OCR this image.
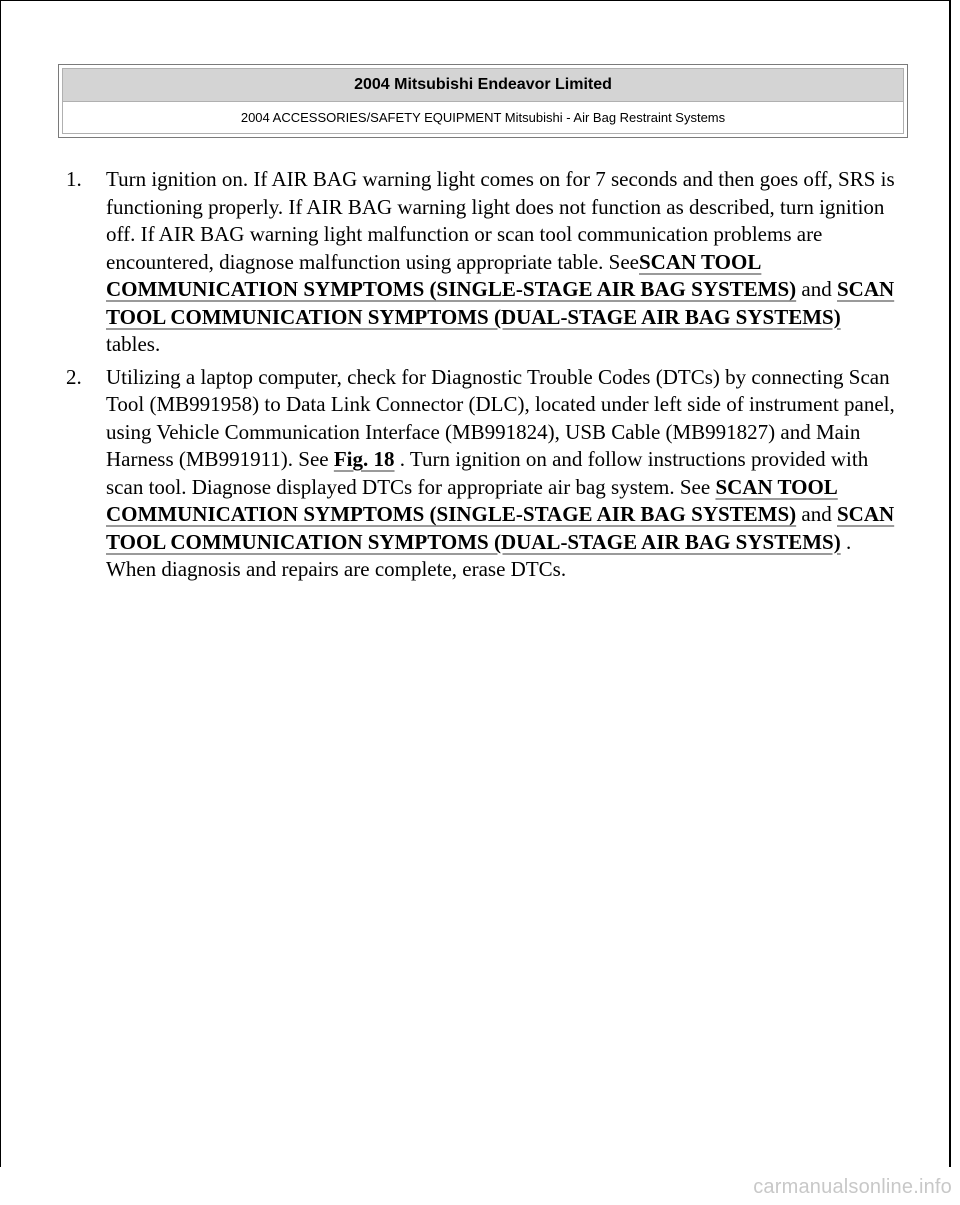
2004 Mitsubishi Endeavor Limited
2004 ACCESSORIES/SAFETY EQUIPMENT Mitsubishi - Air Bag Restraint Systems
1. Turn ignition on. If AIR BAG warning light comes on for 7 seconds and then goes off, SRS is functioning properly. If AIR BAG warning light does not function as described, turn ignition off. If AIR BAG warning light malfunction or scan tool communication problems are encountered, diagnose malfunction using appropriate table. SeeSCAN TOOL COMMUNICATION SYMPTOMS (SINGLE-STAGE AIR BAG SYSTEMS) and SCAN TOOL COMMUNICATION SYMPTOMS (DUAL-STAGE AIR BAG SYSTEMS) tables.
2. Utilizing a laptop computer, check for Diagnostic Trouble Codes (DTCs) by connecting Scan Tool (MB991958) to Data Link Connector (DLC), located under left side of instrument panel, using Vehicle Communication Interface (MB991824), USB Cable (MB991827) and Main Harness (MB991911). See Fig. 18 . Turn ignition on and follow instructions provided with scan tool. Diagnose displayed DTCs for appropriate air bag system. See SCAN TOOL COMMUNICATION SYMPTOMS (SINGLE-STAGE AIR BAG SYSTEMS) and SCAN TOOL COMMUNICATION SYMPTOMS (DUAL-STAGE AIR BAG SYSTEMS) . When diagnosis and repairs are complete, erase DTCs.
carmanualsonline.info
